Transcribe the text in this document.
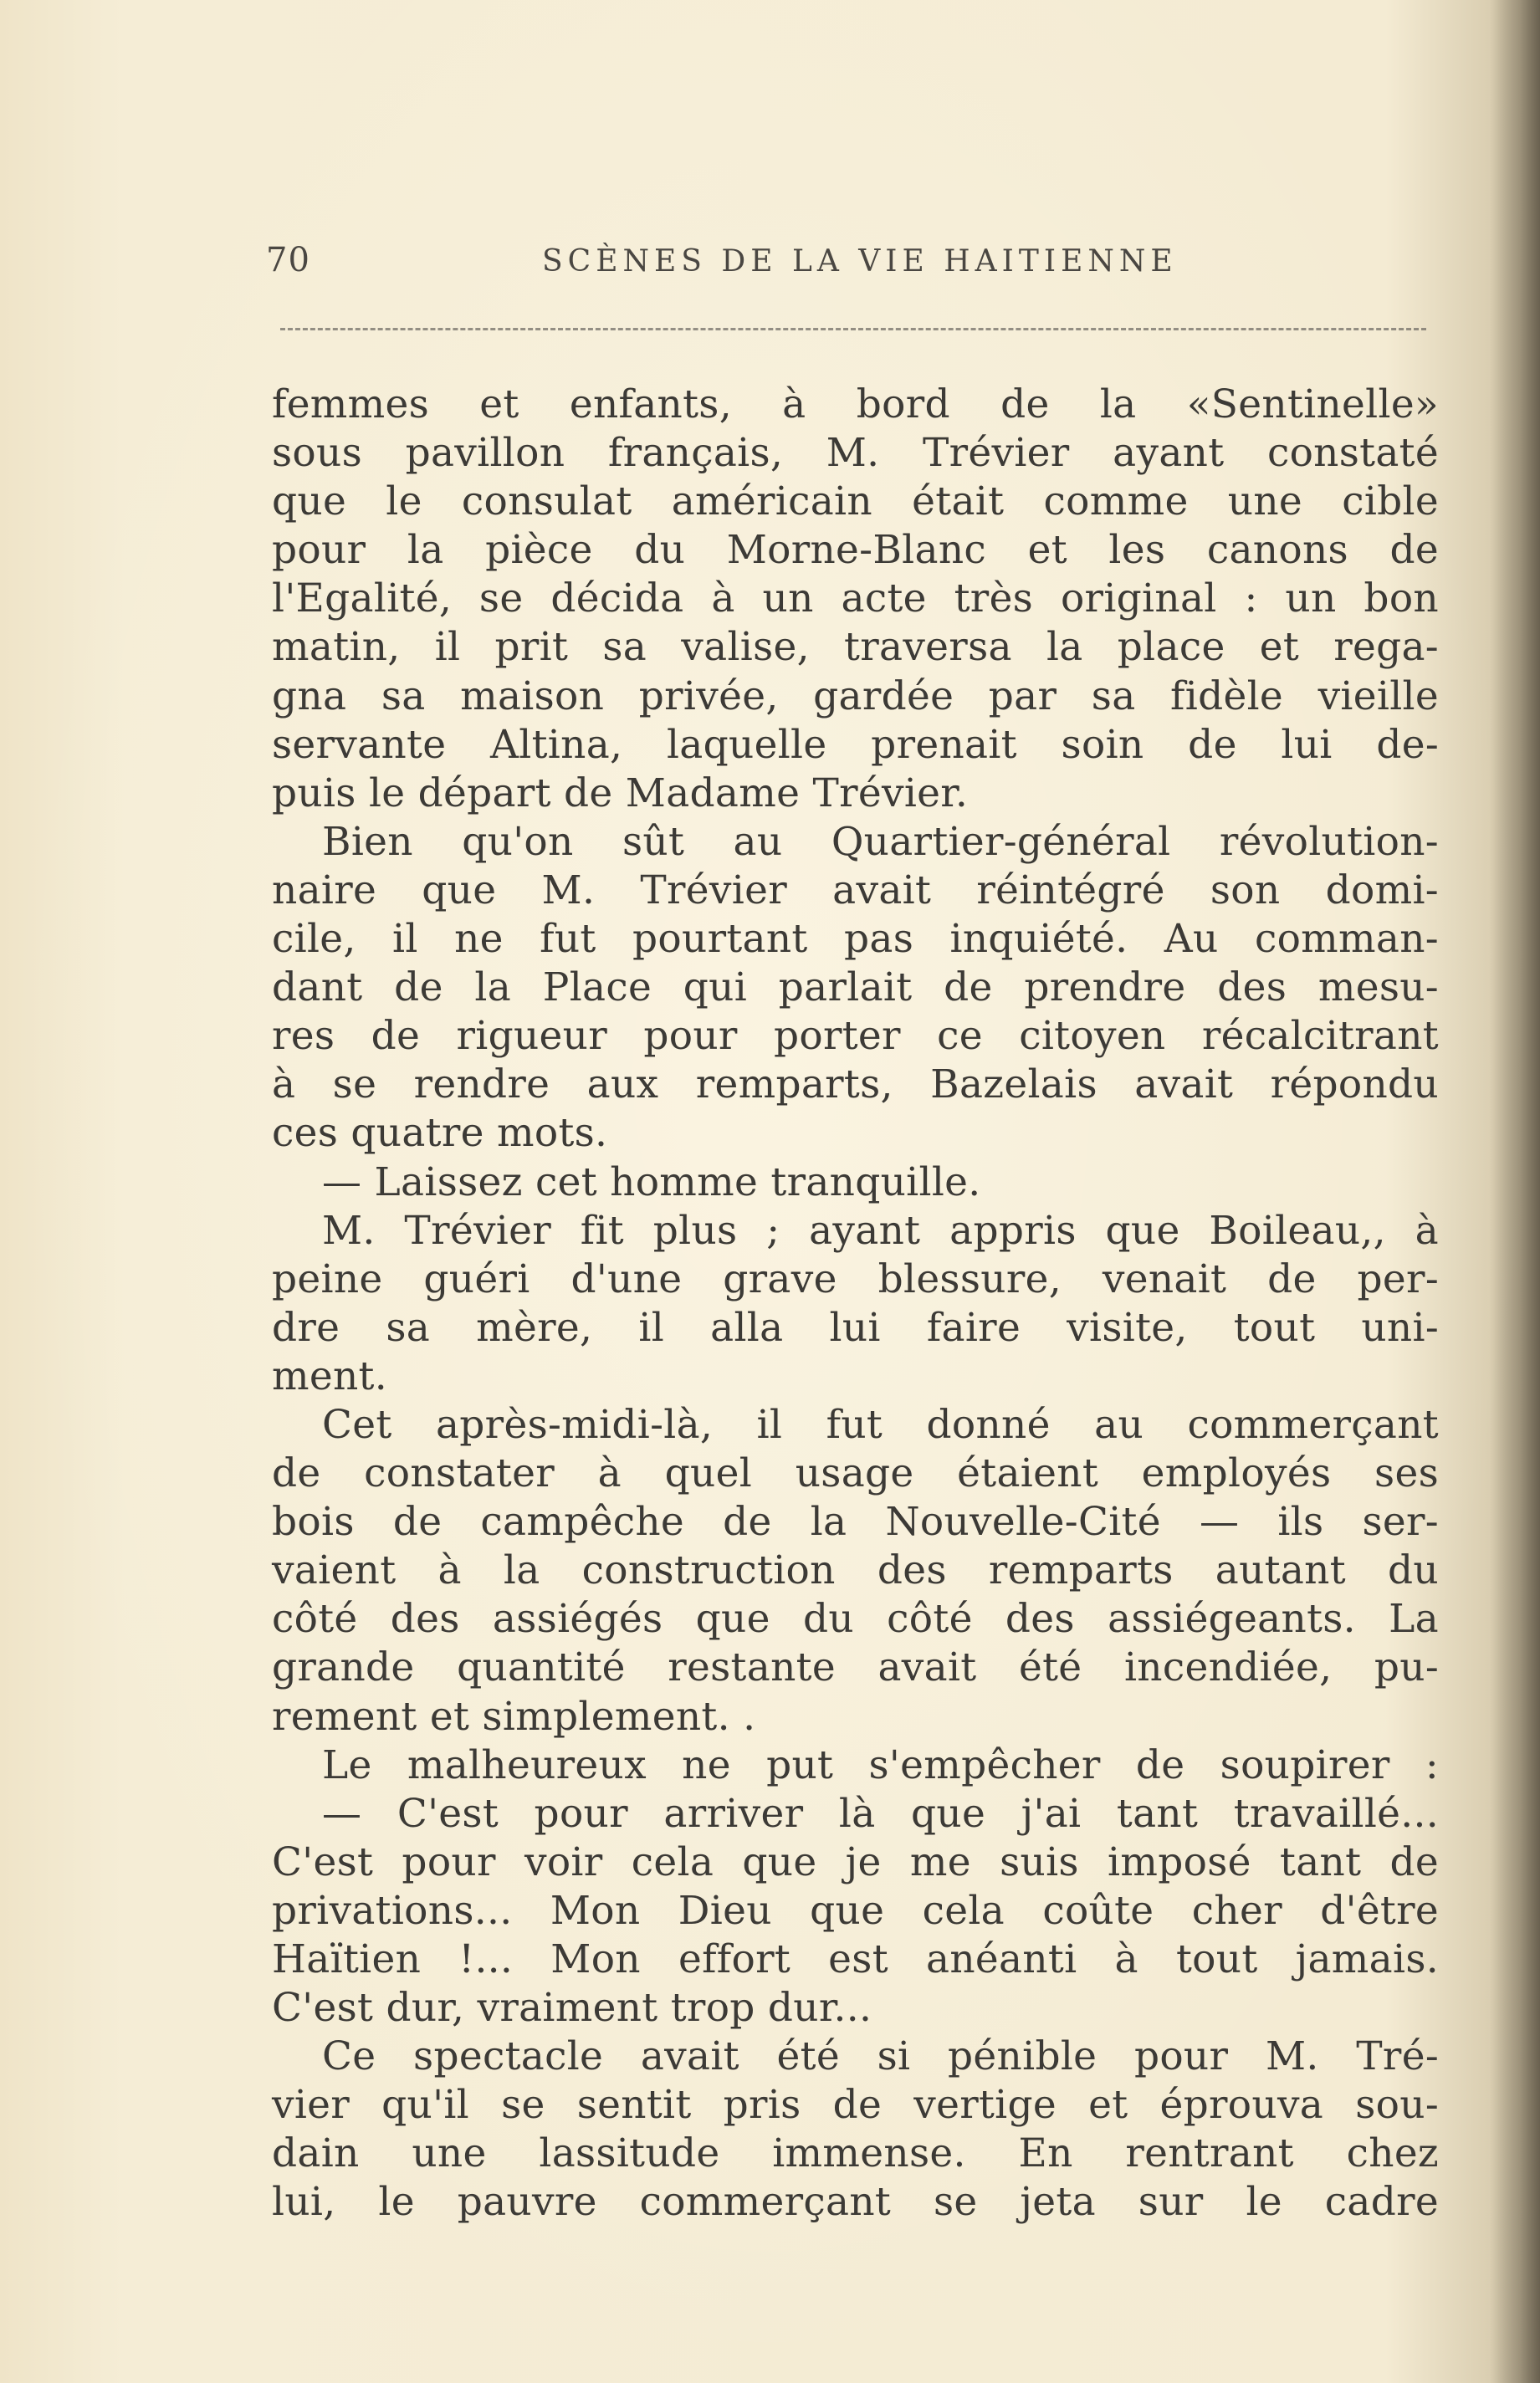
70	SCÈNES DE LA VIE HAITIENNE
femmes et enfants, à bord de la «Sentinelle»
sous pavillon français, M. Trévier ayant constaté
que le consulat américain était comme une cible
pour la pièce du Morne-Blanc et les canons de
l'Egalité, se décida à un acte très original : un bon
matin, il prit sa valise, traversa la place et rega-
gna sa maison privée, gardée par sa fidèle vieille
servante Altina, laquelle prenait soin de lui de-
puis le départ de Madame Trévier.
Bien qu'on sût au Quartier-général révolution-
naire que M. Trévier avait réintégré son domi-
cile, il ne fut pourtant pas inquiété. Au comman-
dant de la Place qui parlait de prendre des mesu-
res de rigueur pour porter ce citoyen récalcitrant
à se rendre aux remparts, Bazelais avait répondu
ces quatre mots.
— Laissez cet homme tranquille.
M. Trévier fit plus ; ayant appris que Boileau,, à
peine guéri d'une grave blessure, venait de per-
dre sa mère, il alla lui faire visite, tout uni-
ment.
Cet après-midi-là, il fut donné au commerçant
de constater à quel usage étaient employés ses
bois de campêche de la Nouvelle-Cité — ils ser-
vaient à la construction des remparts autant du
côté des assiégés que du côté des assiégeants. La
grande quantité restante avait été incendiée, pu-
rement et simplement. .
Le malheureux ne put s'empêcher de soupirer :
— C'est pour arriver là que j'ai tant travaillé...
C'est pour voir cela que je me suis imposé tant de
privations... Mon Dieu que cela coûte cher d'être
Haïtien !... Mon effort est anéanti à tout jamais.
C'est dur, vraiment trop dur...
Ce spectacle avait été si pénible pour M. Tré-
vier qu'il se sentit pris de vertige et éprouva sou-
dain une lassitude immense. En rentrant chez
lui, le pauvre commerçant se jeta sur le cadre
